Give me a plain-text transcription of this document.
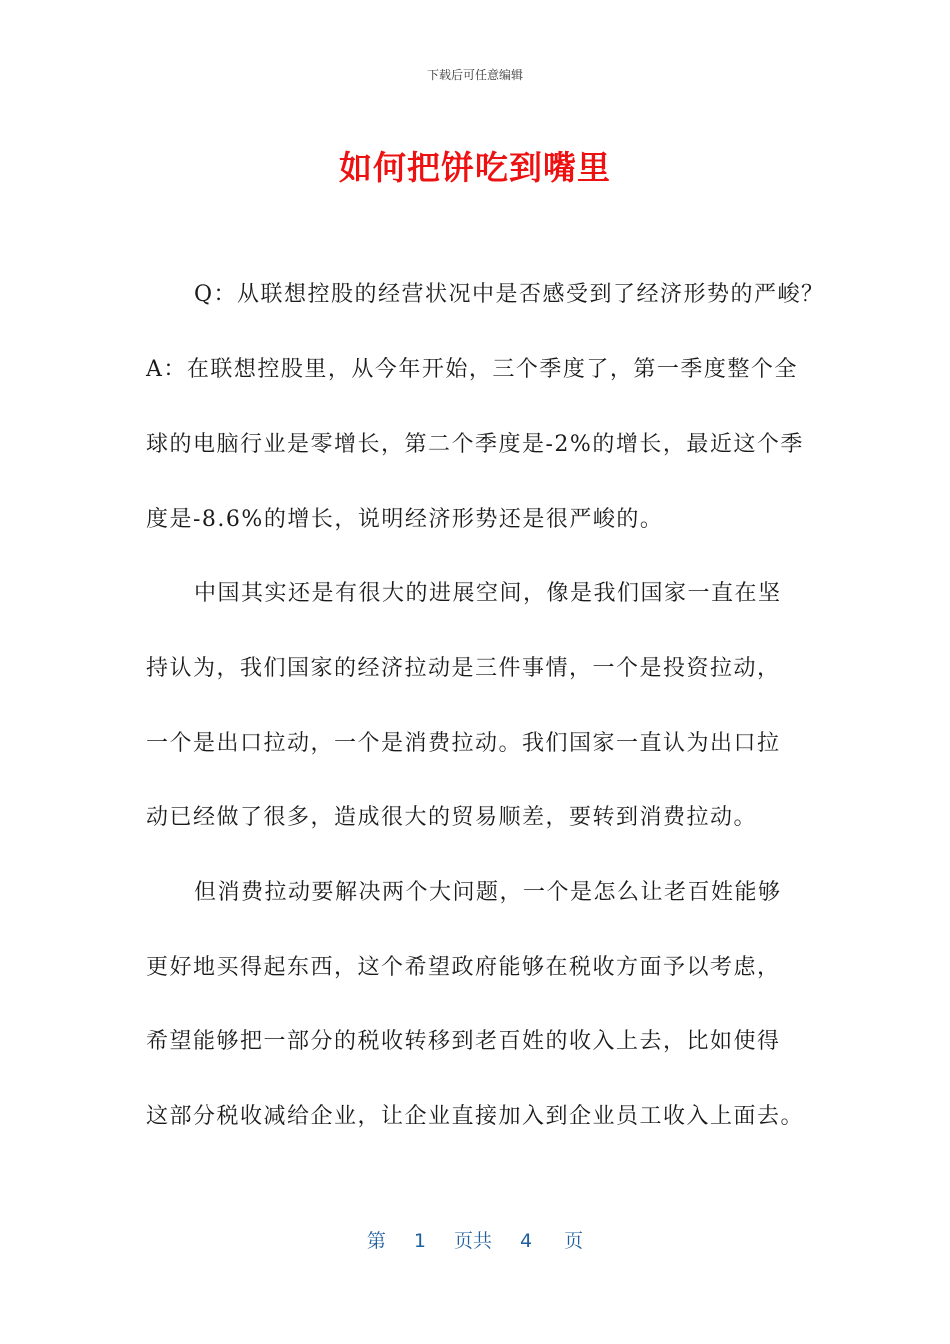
下载后可任意编辑
如何把饼吃到嘴里
Q：从联想控股的经营状况中是否感受到了经济形势的严峻？
A：在联想控股里，从今年开始，三个季度了，第一季度整个全
球的电脑行业是零增长，第二个季度是-2%的增长，最近这个季
度是-8.6%的增长，说明经济形势还是很严峻的。
中国其实还是有很大的进展空间，像是我们国家一直在坚
持认为，我们国家的经济拉动是三件事情，一个是投资拉动，
一个是出口拉动，一个是消费拉动。我们国家一直认为出口拉
动已经做了很多，造成很大的贸易顺差，要转到消费拉动。
但消费拉动要解决两个大问题，一个是怎么让老百姓能够
更好地买得起东西，这个希望政府能够在税收方面予以考虑，
希望能够把一部分的税收转移到老百姓的收入上去，比如使得
这部分税收减给企业，让企业直接加入到企业员工收入上面去。
第 1 页共 4 页
